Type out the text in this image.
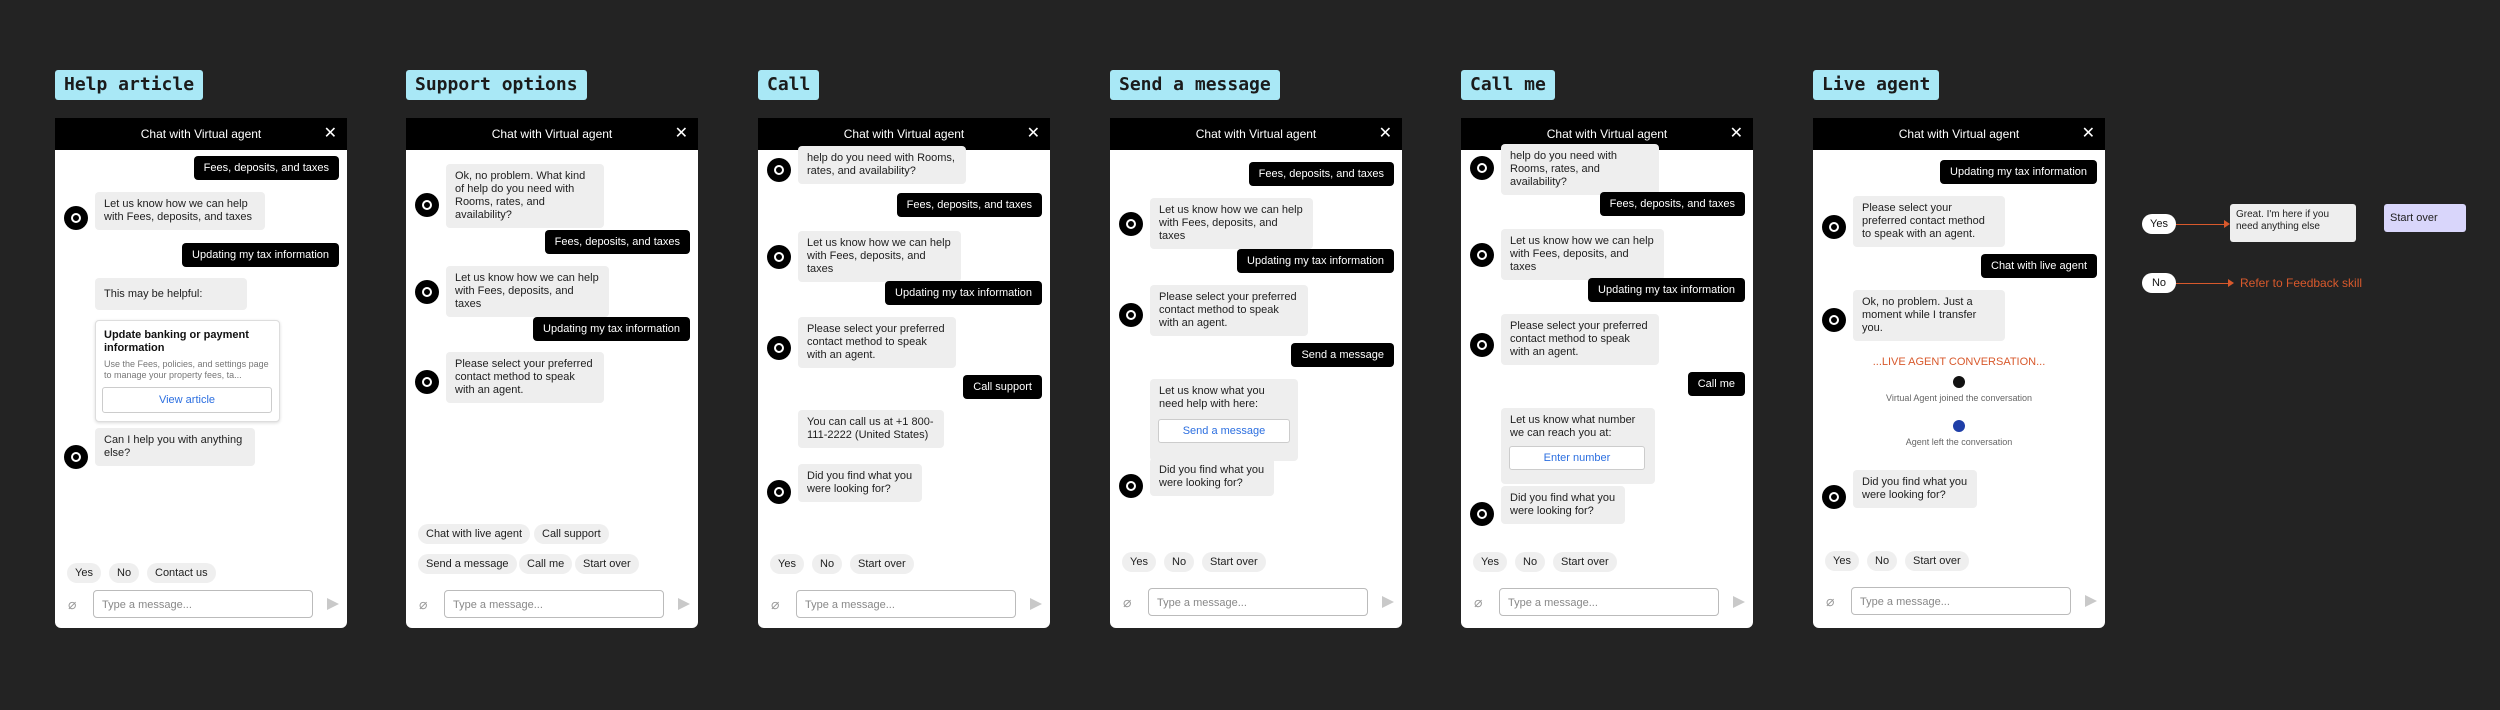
Help article	Support options	Call	Send a message	Call me	Live agent
Chat with Virtual agent	✕
Fees, deposits, and taxes
Let us know how we can help with Fees, deposits, and taxes
Updating my tax information
This may be helpful:
Update banking or payment information
Use the Fees, policies, and settings page to manage your property fees, ta...
View article
Can I help you with anything else?
Yes	No	Contact us
⌀	Type a message...
Chat with Virtual agent	✕
Ok, no problem. What kind of help do you need with Rooms, rates, and availability?
Fees, deposits, and taxes
Let us know how we can help with Fees, deposits, and taxes
Updating my tax information
Please select your preferred contact method to speak with an agent.
Chat with live agent	Call support
Send a message	Call me	Start over
⌀	Type a message...
Chat with Virtual agent	✕
help do you need with Rooms, rates, and availability?
Fees, deposits, and taxes
Let us know how we can help with Fees, deposits, and taxes
Updating my tax information
Please select your preferred contact method to speak with an agent.
Call support
You can call us at +1 800-111-2222 (United States)
Did you find what you were looking for?
Yes	No	Start over
⌀	Type a message...
Chat with Virtual agent	✕
Fees, deposits, and taxes
Let us know how we can help with Fees, deposits, and taxes
Updating my tax information
Please select your preferred contact method to speak with an agent.
Send a message
Let us know what you need help with here:
Send a message
Did you find what you were looking for?
Yes	No	Start over
⌀	Type a message...
Chat with Virtual agent	✕
help do you need with Rooms, rates, and availability?
Fees, deposits, and taxes
Let us know how we can help with Fees, deposits, and taxes
Updating my tax information
Please select your preferred contact method to speak with an agent.
Call me
Let us know what number we can reach you at:
Enter number
Did you find what you were looking for?
Yes	No	Start over
⌀	Type a message...
Chat with Virtual agent	✕
Updating my tax information
Please select your preferred contact method to speak with an agent.
Chat with live agent
Ok, no problem. Just a moment while I transfer you.
...LIVE AGENT CONVERSATION...
Virtual Agent joined the conversation
Agent left the conversation
Did you find what you were looking for?
Yes	No	Start over
⌀	Type a message...
Yes
Great. I'm here if you need anything else
Start over
No	Refer to Feedback skill
